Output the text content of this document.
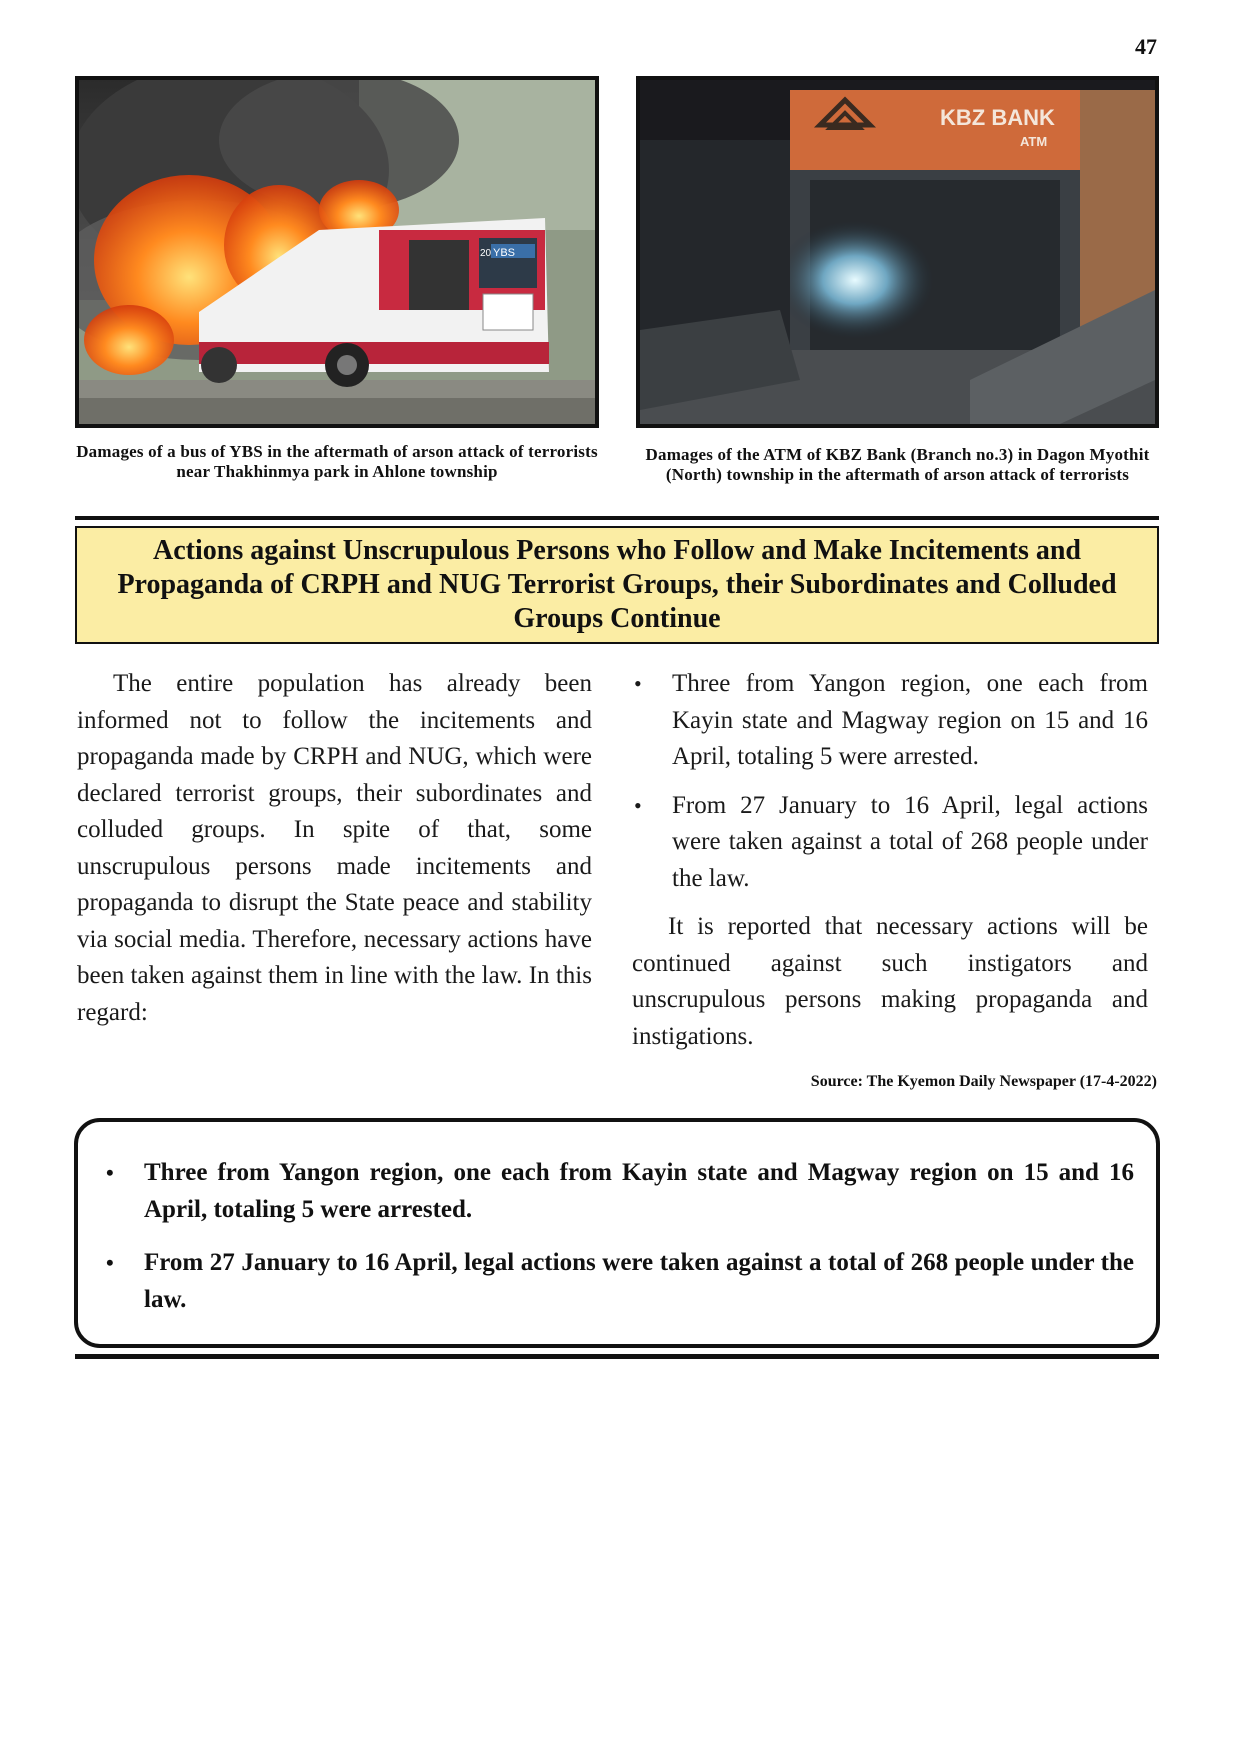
47
YBS
20
KBZ BANK
ATM
Damages of a bus of YBS in the aftermath of arson attack of terrorists near Thakhinmya park in Ahlone township
Damages of the ATM of KBZ Bank (Branch no.3) in Dagon Myothit (North) township in the aftermath of arson attack of terrorists
Actions against Unscrupulous Persons who Follow and Make Incitements and Propaganda of CRPH and NUG Terrorist Groups, their Subordinates and Colluded Groups Continue

The entire population has already been informed not to follow the incitements and propaganda made by CRPH and NUG, which were declared terrorist groups, their subordinates and colluded groups. In spite of that, some unscrupulous persons made incitements and propaganda to disrupt the State peace and stability via social media. Therefore, necessary actions have been taken against them in line with the law. In this regard:

• Three from Yangon region, one each from Kayin state and Magway region on 15 and 16 April, totaling 5 were arrested.
• From 27 January to 16 April, legal actions were taken against a total of 268 people under the law.

It is reported that necessary actions will be continued against such instigators and unscrupulous persons making propaganda and instigations.

Source: The Kyemon Daily Newspaper (17-4-2022)
• Three from Yangon region, one each from Kayin state and Magway region on 15 and 16 April, totaling 5 were arrested.
• From 27 January to 16 April, legal actions were taken against a total of 268 people under the law.
